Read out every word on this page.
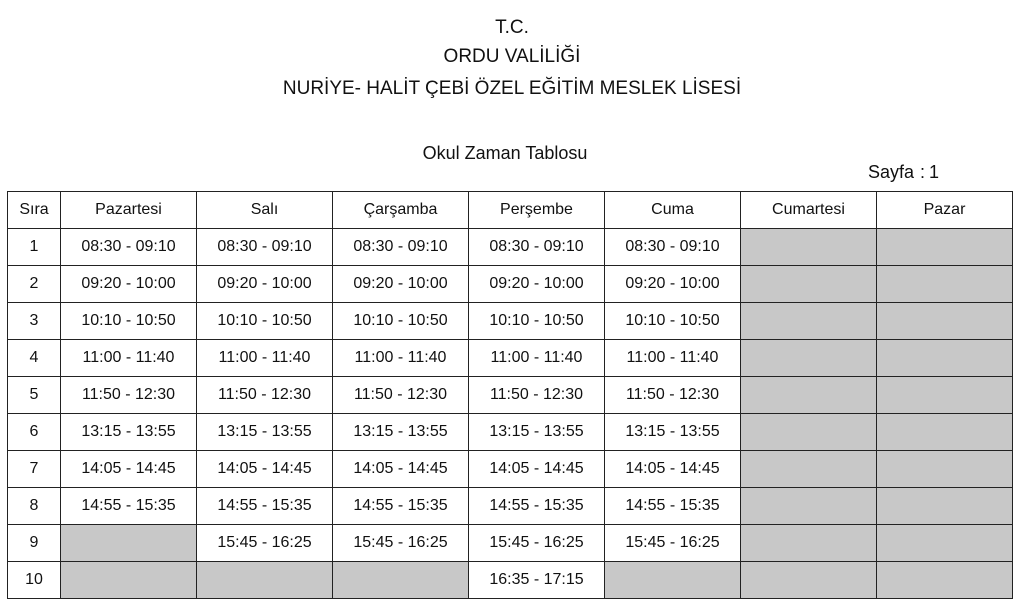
T.C.
ORDU VALİLİĞİ
NURİYE- HALİT ÇEBİ ÖZEL EĞİTİM MESLEK LİSESİ
Okul Zaman Tablosu
Sayfa : 1
Sıra	Pazartesi	Salı	Çarşamba	Perşembe	Cuma	Cumartesi	Pazar
1	08:30 - 09:10	08:30 - 09:10	08:30 - 09:10	08:30 - 09:10	08:30 - 09:10		
2	09:20 - 10:00	09:20 - 10:00	09:20 - 10:00	09:20 - 10:00	09:20 - 10:00		
3	10:10 - 10:50	10:10 - 10:50	10:10 - 10:50	10:10 - 10:50	10:10 - 10:50		
4	11:00 - 11:40	11:00 - 11:40	11:00 - 11:40	11:00 - 11:40	11:00 - 11:40		
5	11:50 - 12:30	11:50 - 12:30	11:50 - 12:30	11:50 - 12:30	11:50 - 12:30		
6	13:15 - 13:55	13:15 - 13:55	13:15 - 13:55	13:15 - 13:55	13:15 - 13:55		
7	14:05 - 14:45	14:05 - 14:45	14:05 - 14:45	14:05 - 14:45	14:05 - 14:45		
8	14:55 - 15:35	14:55 - 15:35	14:55 - 15:35	14:55 - 15:35	14:55 - 15:35		
9		15:45 - 16:25	15:45 - 16:25	15:45 - 16:25	15:45 - 16:25		
10				16:35 - 17:15			
